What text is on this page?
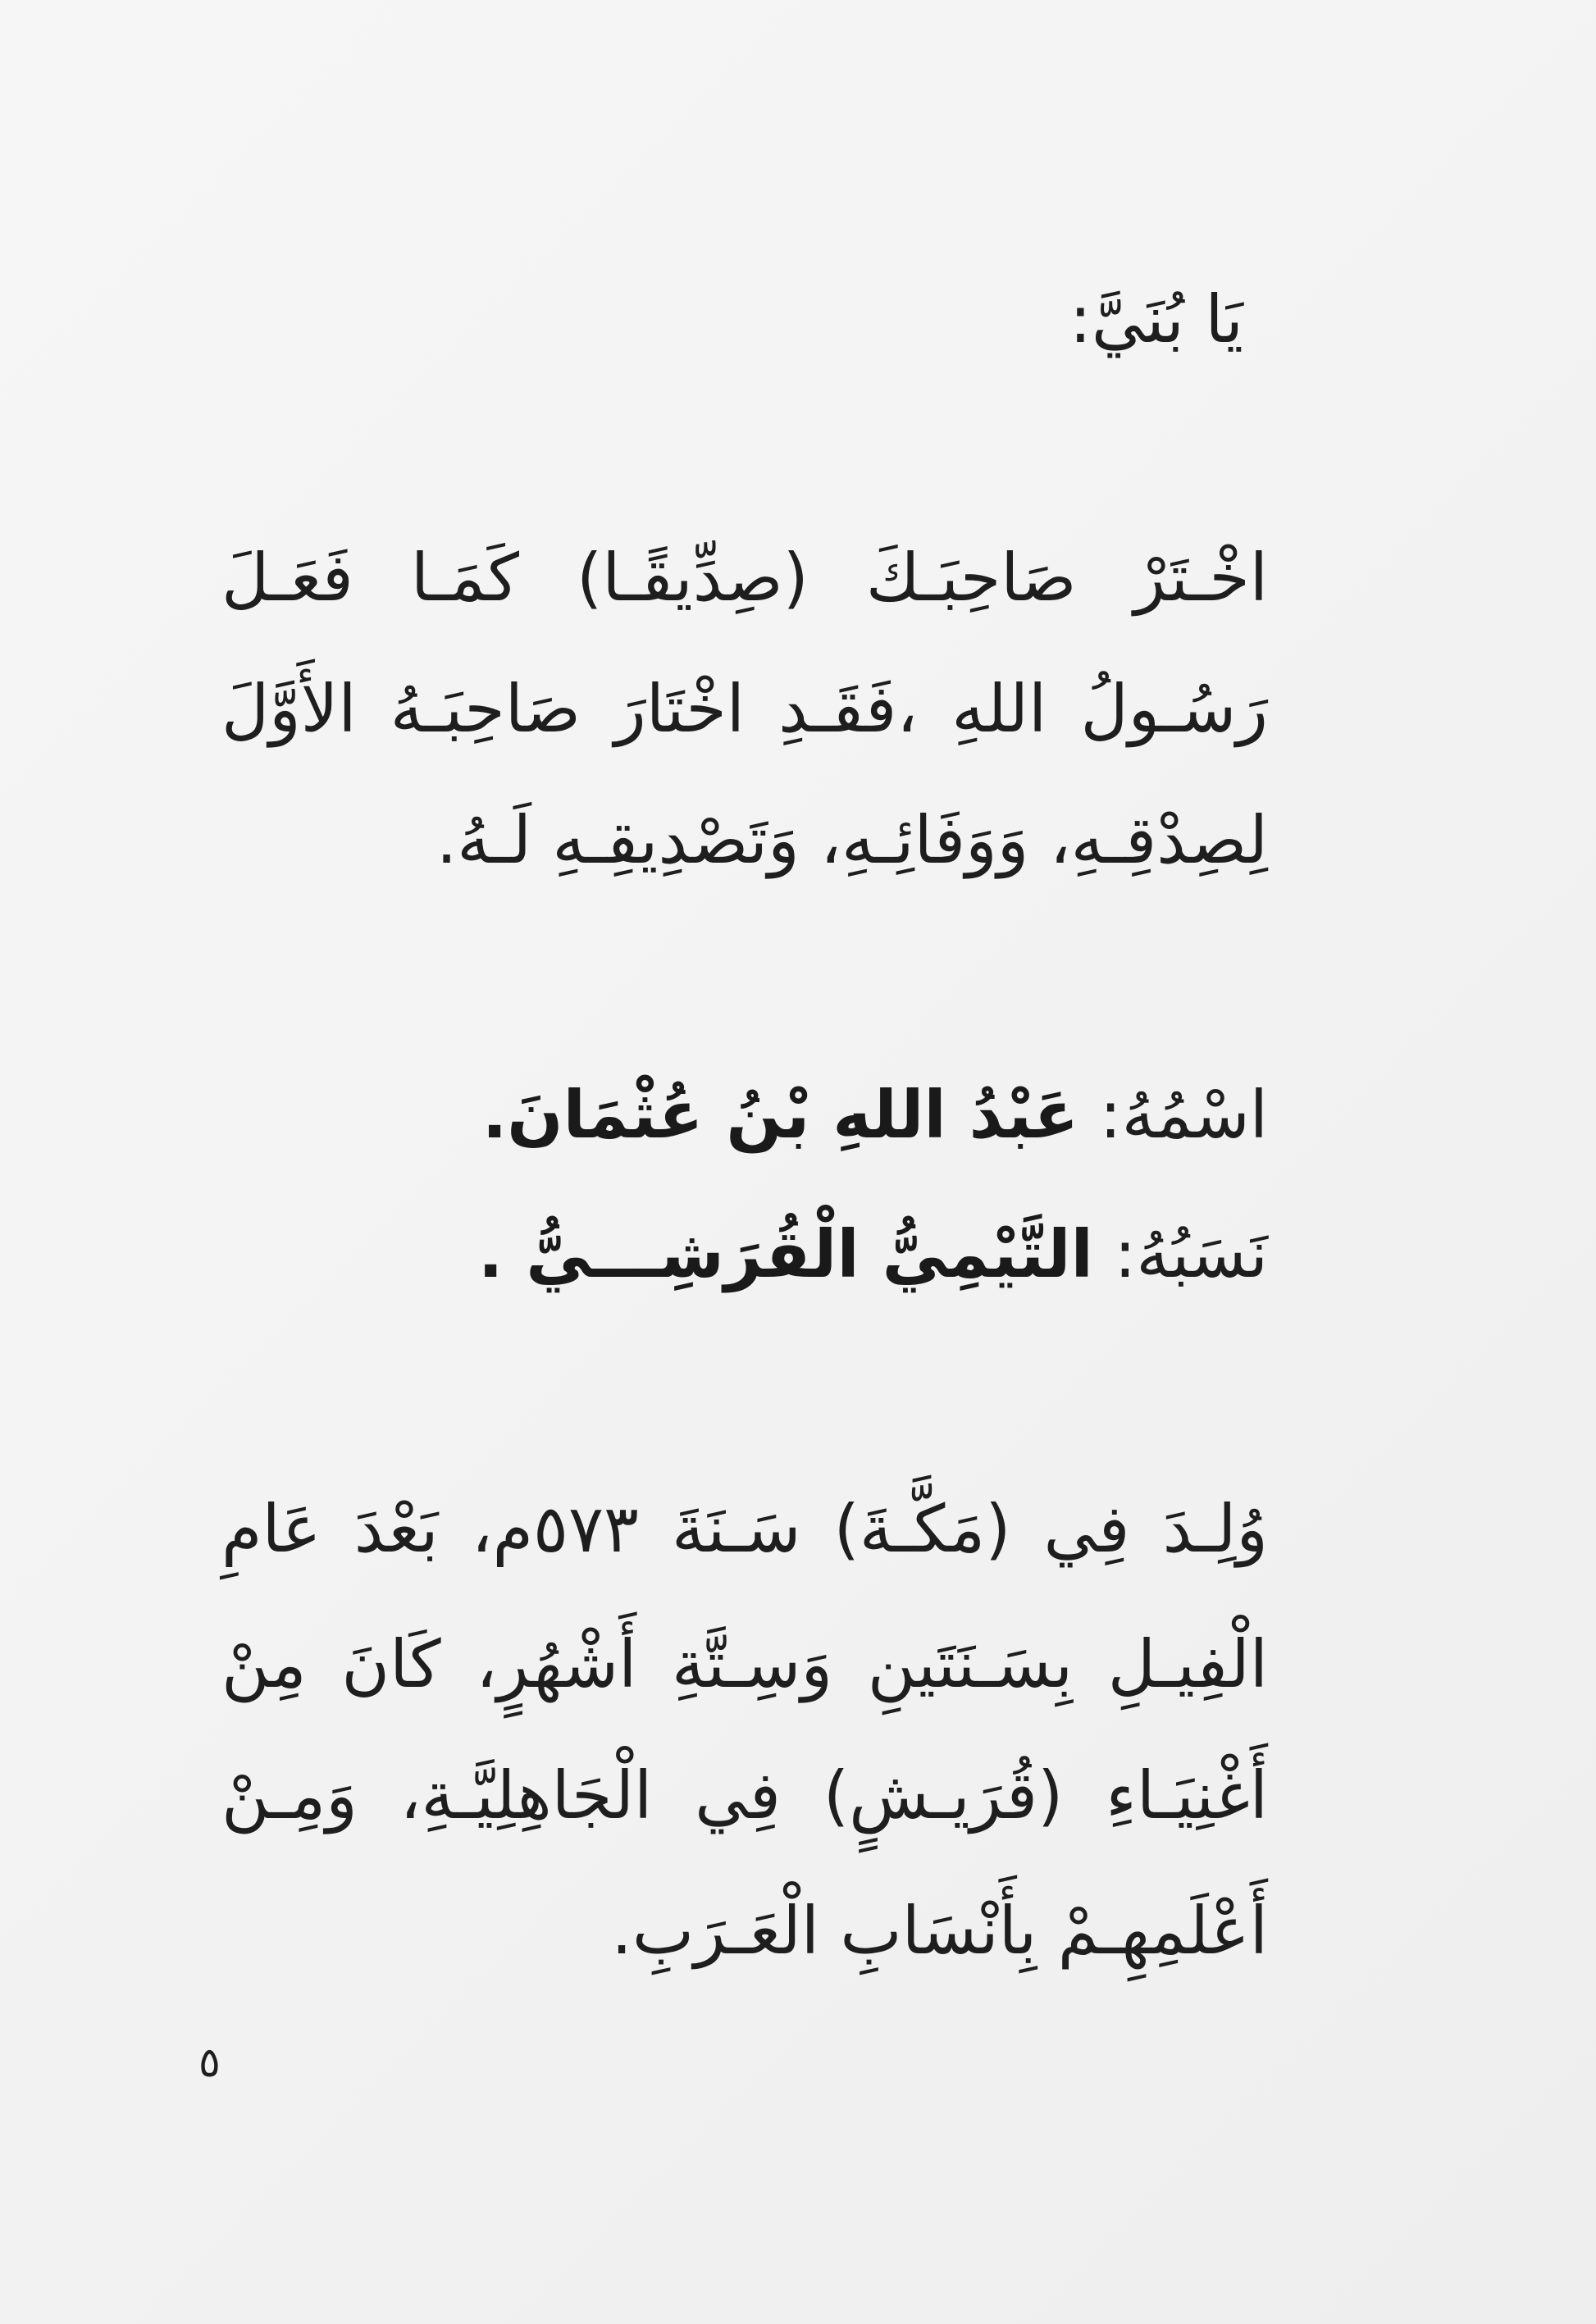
يَا بُنَيَّ:
اخْـتَرْ صَاحِبَـكَ (صِدِّيقًـا) كَمَـا فَعَـلَ
رَسُـولُ اللهِ ،فَقَـدِ اخْتَارَ صَاحِبَـهُ الأَوَّلَ
لِصِدْقِـهِ، وَوَفَائِـهِ، وَتَصْدِيقِـهِ لَـهُ.
اسْمُهُ: عَبْدُ اللهِ بْنُ عُثْمَانَ.
نَسَبُهُ: التَّيْمِيُّ الْقُرَشِـــيُّ .
وُلِـدَ فِي (مَكَّـةَ) سَـنَةَ ٥٧٣م، بَعْدَ عَامِ
الْفِيـلِ بِسَـنَتَينِ وَسِـتَّةِ أَشْهُرٍ، كَانَ مِنْ
أَغْنِيَـاءِ (قُرَيـشٍ) فِي الْجَاهِلِيَّـةِ، وَمِـنْ
أَعْلَمِهِـمْ بِأَنْسَابِ الْعَـرَبِ.
٥
